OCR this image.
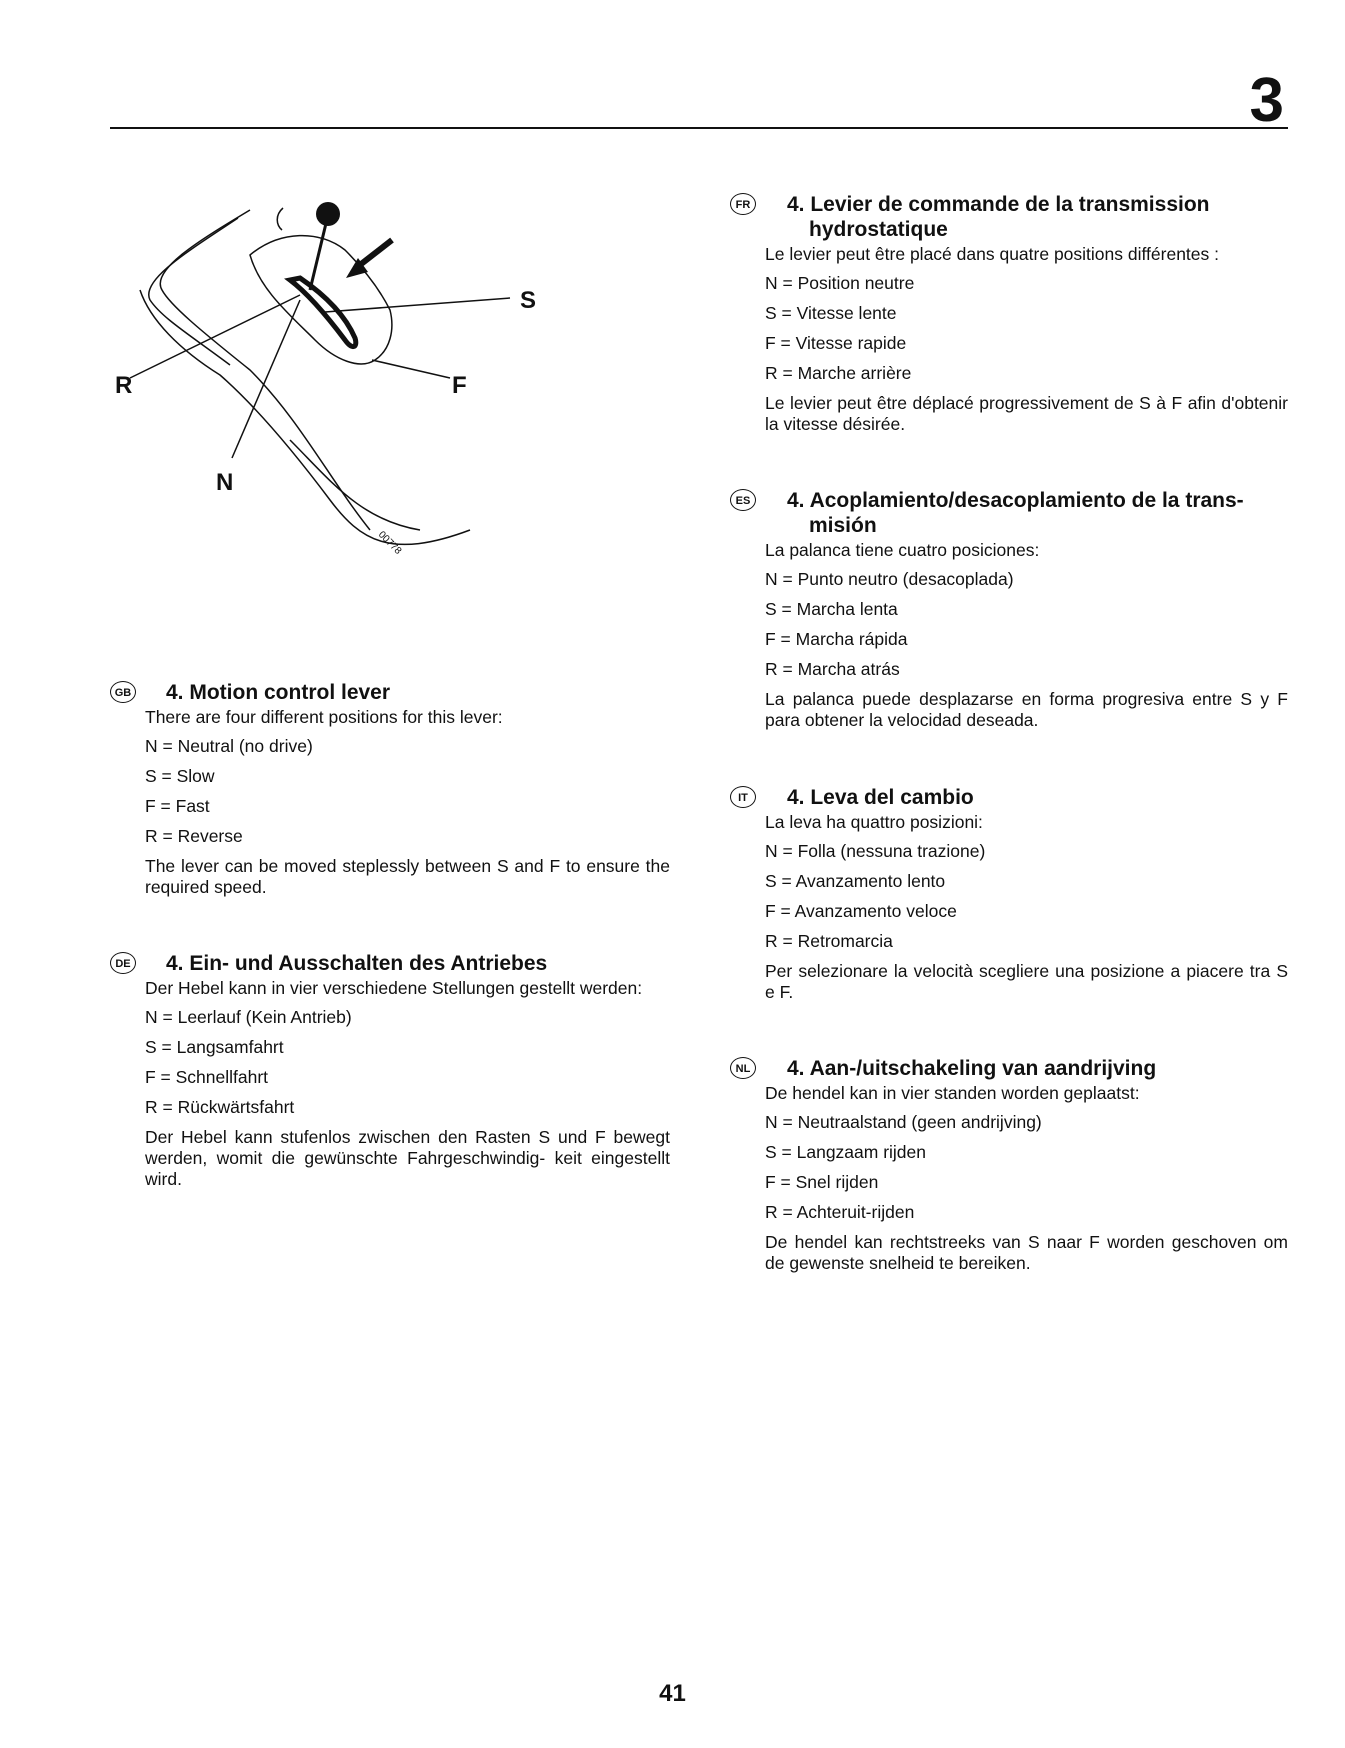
3
S
R	F
N
00778
GB	4. Motion control lever

There are four different positions for this lever:

N = Neutral (no drive)
S = Slow
F = Fast
R = Reverse

The lever can be moved steplessly between S and F to ensure the required speed.

DE	4. Ein- und Ausschalten des Antriebes

Der Hebel kann in vier verschiedene Stellungen gestellt werden:

N = Leerlauf (Kein Antrieb)
S = Langsamfahrt
F = Schnellfahrt
R = Rückwärtsfahrt

Der Hebel kann stufenlos zwischen den Rasten S und F bewegt werden, womit die gewünschte Fahrgeschwindig- keit eingestellt wird.

FR	4. Levier de commande de la transmission
hydrostatique

Le levier peut être placé dans quatre positions différentes :

N = Position neutre
S = Vitesse lente
F = Vitesse rapide
R = Marche arrière

Le levier peut être déplacé progressivement de S à F afin d'obtenir la vitesse désirée.

ES	4. Acoplamiento/desacoplamiento de la trans-
misión

La palanca tiene cuatro posiciones:

N = Punto neutro (desacoplada)
S = Marcha lenta
F = Marcha rápida
R = Marcha atrás

La palanca puede desplazarse en forma progresiva entre S y F para obtener la velocidad deseada.

IT	4. Leva del cambio

La leva ha quattro posizioni:

N = Folla (nessuna trazione)
S = Avanzamento lento
F = Avanzamento veloce
R = Retromarcia

Per selezionare la velocità scegliere una posizione a piacere tra S e F.

NL	4. Aan-/uitschakeling van aandrijving

De hendel kan in vier standen worden geplaatst:

N = Neutraalstand (geen andrijving)
S = Langzaam rijden
F = Snel rijden
R = Achteruit-rijden

De hendel kan rechtstreeks van S naar F worden geschoven om de gewenste snelheid te bereiken.

41
